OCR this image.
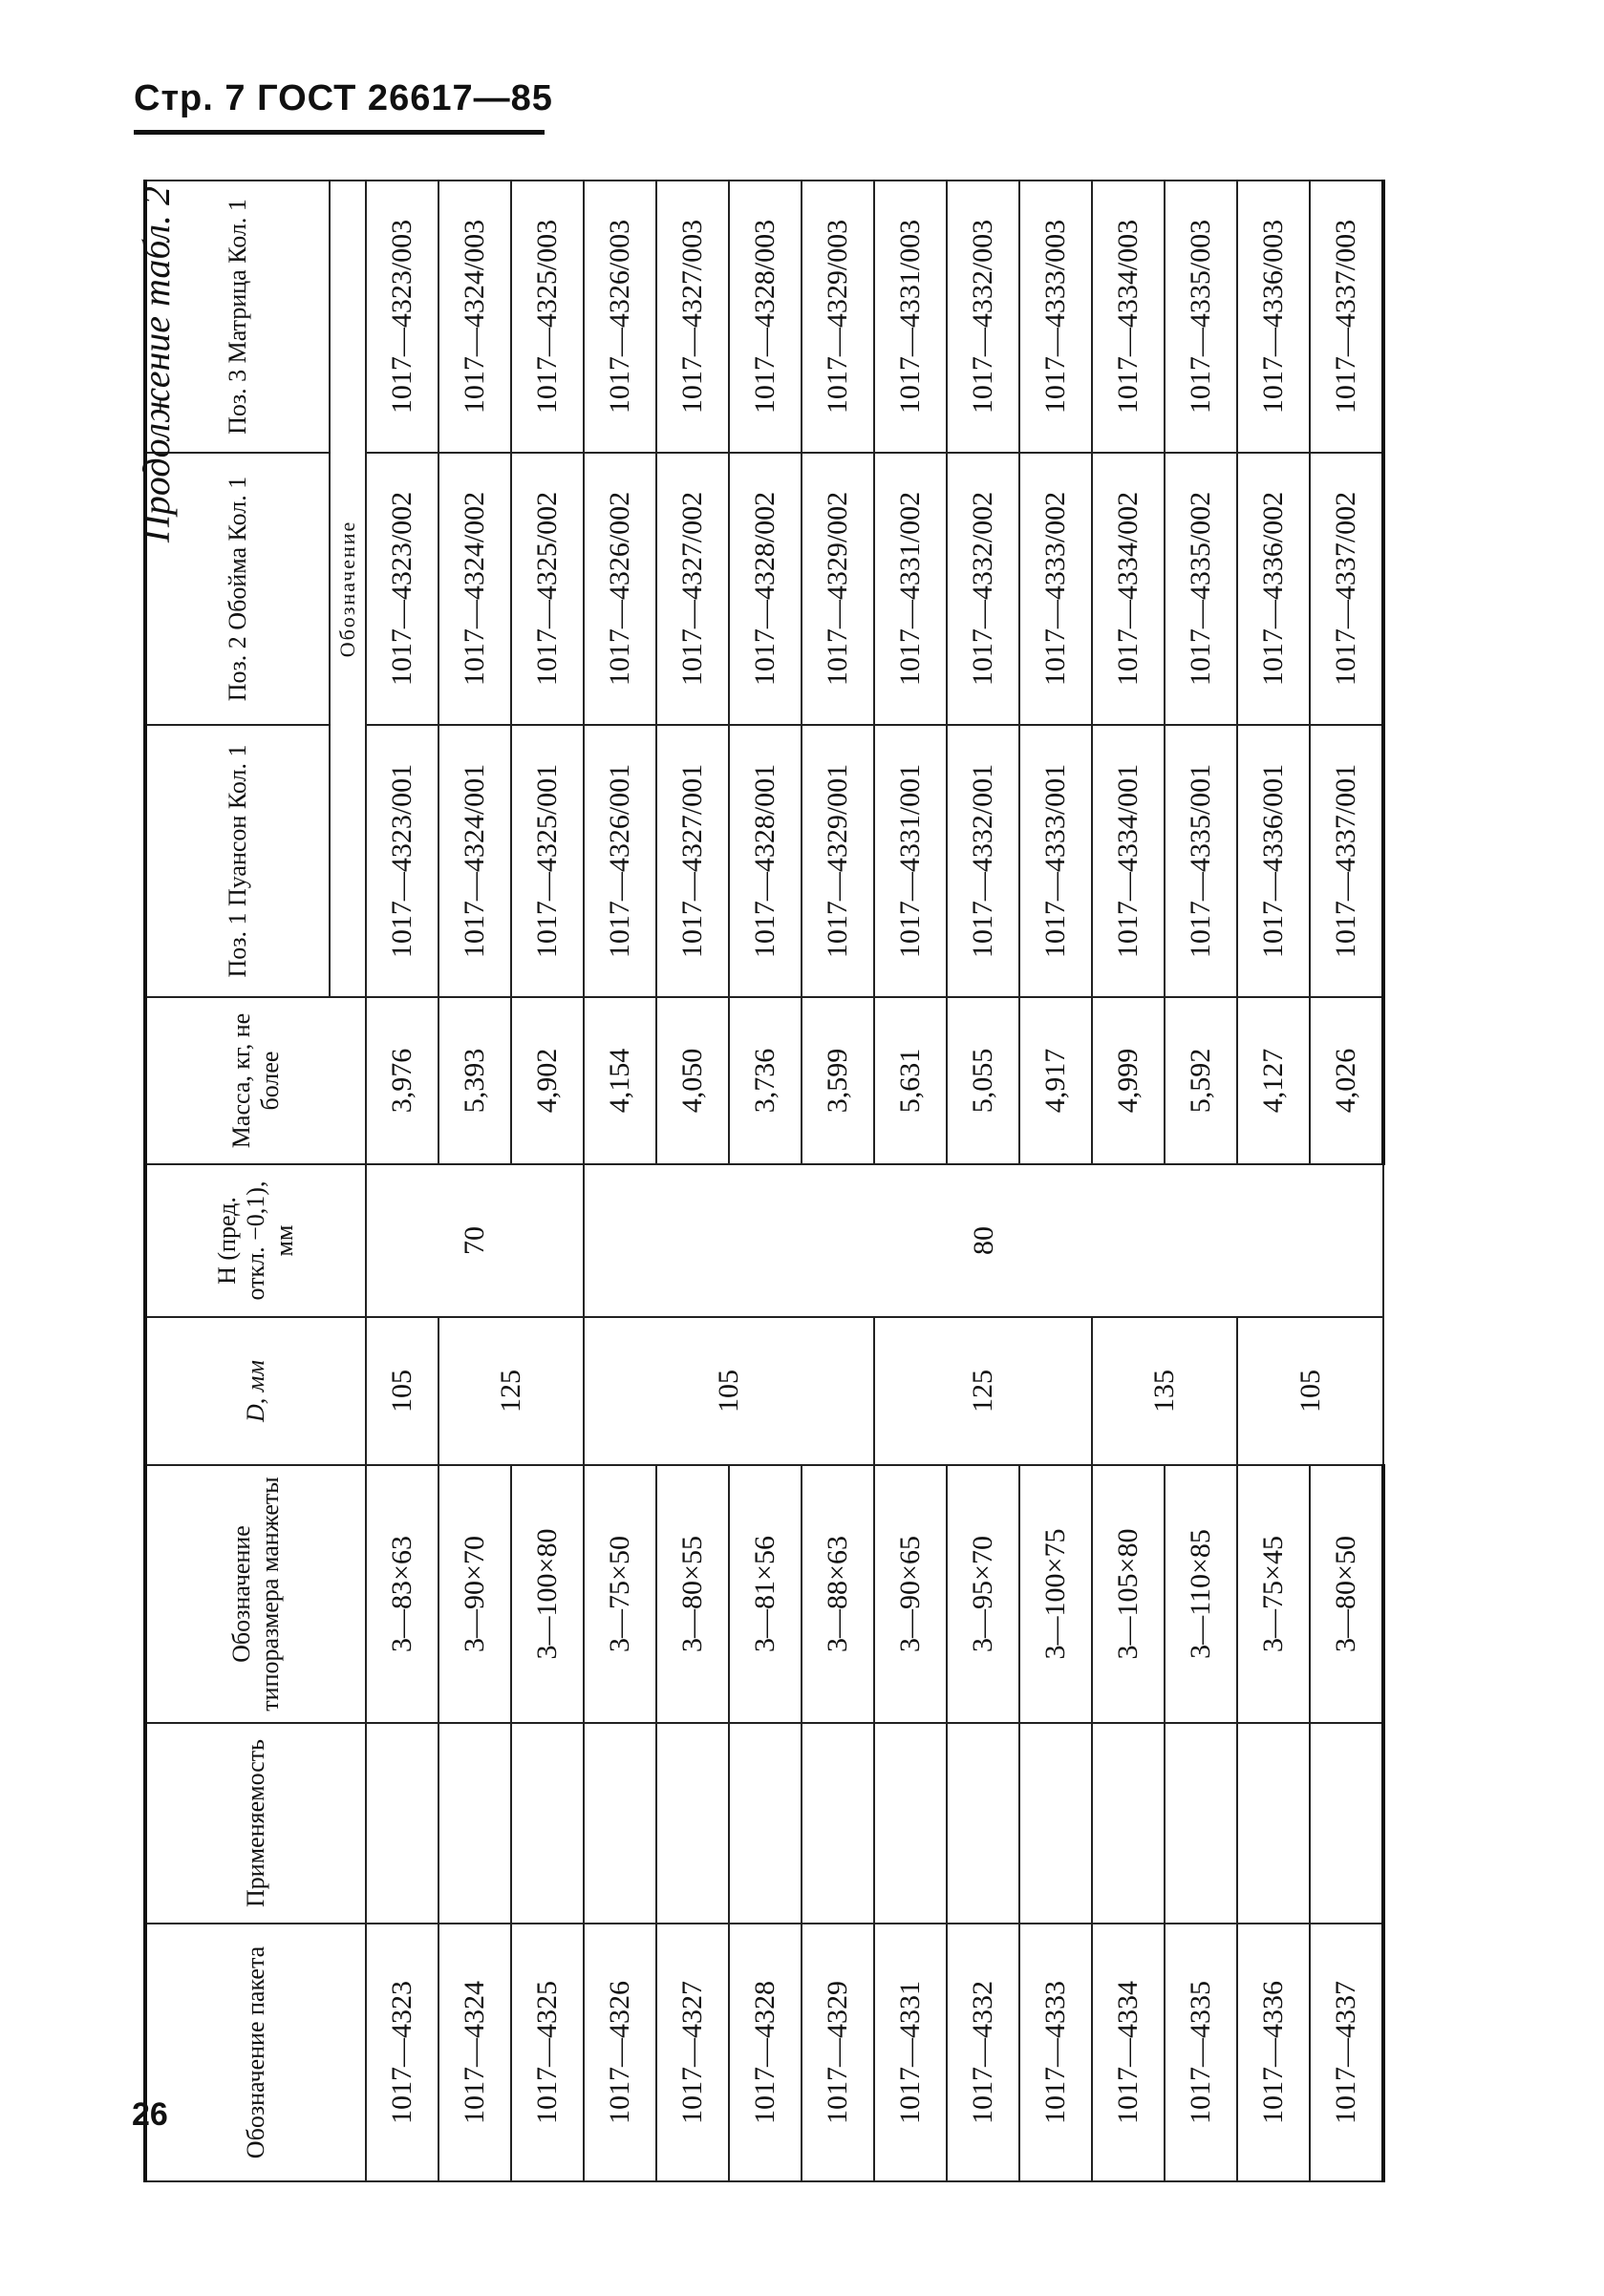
Стр. 7 ГОСТ 26617—85
Обозначение пакета	Применяемость	Обозначение типоразмера манжеты	D, мм	H (пред. откл. −0,1), мм	Масса, кг, не более	Поз. 1 Пуансон Кол. 1	Поз. 2 Обойма Кол. 1	Поз. 3 Матрица Кол. 1
						Обозначение		
1017—4323		3—83×63	105	70	3,976	1017—4323/001	1017—4323/002	1017—4323/003
1017—4324		3—90×70	125		5,393	1017—4324/001	1017—4324/002	1017—4324/003
1017—4325		3—100×80			4,902	1017—4325/001	1017—4325/002	1017—4325/003
1017—4326		3—75×50	105	80	4,154	1017—4326/001	1017—4326/002	1017—4326/003
1017—4327		3—80×55			4,050	1017—4327/001	1017—4327/002	1017—4327/003
1017—4328		3—81×56			3,736	1017—4328/001	1017—4328/002	1017—4328/003
1017—4329		3—88×63			3,599	1017—4329/001	1017—4329/002	1017—4329/003
1017—4331		3—90×65	125		5,631	1017—4331/001	1017—4331/002	1017—4331/003
1017—4332		3—95×70			5,055	1017—4332/001	1017—4332/002	1017—4332/003
1017—4333		3—100×75			4,917	1017—4333/001	1017—4333/002	1017—4333/003
1017—4334		3—105×80	135		4,999	1017—4334/001	1017—4334/002	1017—4334/003
1017—4335		3—110×85			5,592	1017—4335/001	1017—4335/002	1017—4335/003
1017—4336		3—75×45	105		4,127	1017—4336/001	1017—4336/002	1017—4336/003
1017—4337		3—80×50			4,026	1017—4337/001	1017—4337/002	1017—4337/003
Продолжение табл. 2
26
